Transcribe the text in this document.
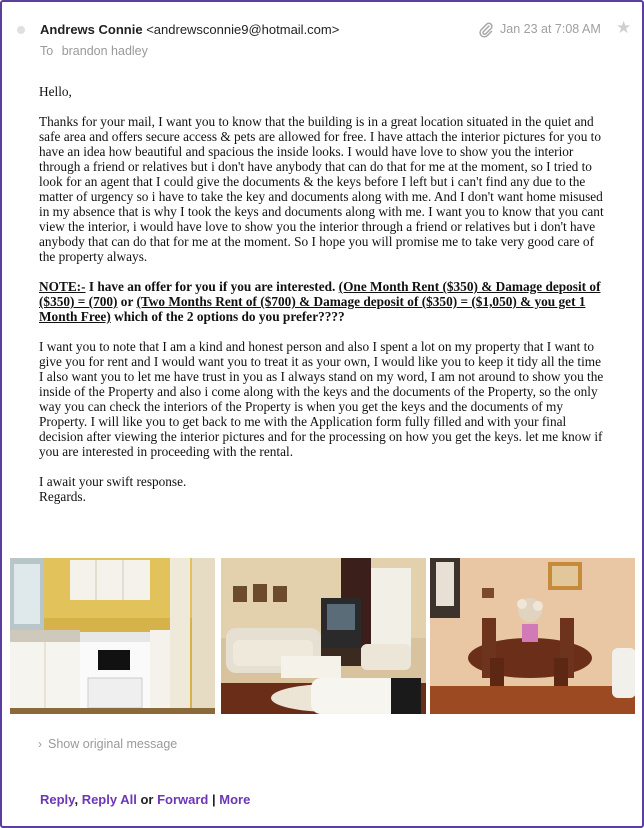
Andrews Connie <andrewsconnie9@hotmail.com>
To brandon hadley
Jan 23 at 7:08 AM ★

Hello,

Thanks for your mail, I want you to know that the building is in a great location situated in the quiet and safe area and offers secure access & pets are allowed for free. I have attach the interior pictures for you to have an idea how beautiful and spacious the inside looks. I would have love to show you the interior through a friend or relatives but i don't have anybody that can do that for me at the moment, so I tried to look for an agent that I could give the documents & the keys before I left but i can't find any due to the matter of urgency so i have to take the key and documents along with me. And I don't want home misused in my absence that is why I took the keys and documents along with me. I want you to know that you cant view the interior, i would have love to show you the interior through a friend or relatives but i don't have anybody that can do that for me at the moment. So I hope you will promise me to take very good care of the property always.

NOTE:- I have an offer for you if you are interested. (One Month Rent ($350) & Damage deposit of ($350) = (700) or (Two Months Rent of ($700) & Damage deposit of ($350) = ($1,050) & you get 1 Month Free) which of the 2 options do you prefer????

I want you to note that I am a kind and honest person and also I spent a lot on my property that I want to give you for rent and I would want you to treat it as your own, I would like you to keep it tidy all the time I also want you to let me have trust in you as I always stand on my word, I am not around to show you the inside of the Property and also i come along with the keys and the documents of the Property, so the only way you can check the interiors of the Property is when you get the keys and the documents of my Property. I will like you to get back to me with the Application form fully filled and with your final decision after viewing the interior pictures and for the processing on how you get the keys. let me know if you are interested in proceeding with the rental.

I await your swift response.
Regards.

› Show original message
Reply, Reply All or Forward | More
